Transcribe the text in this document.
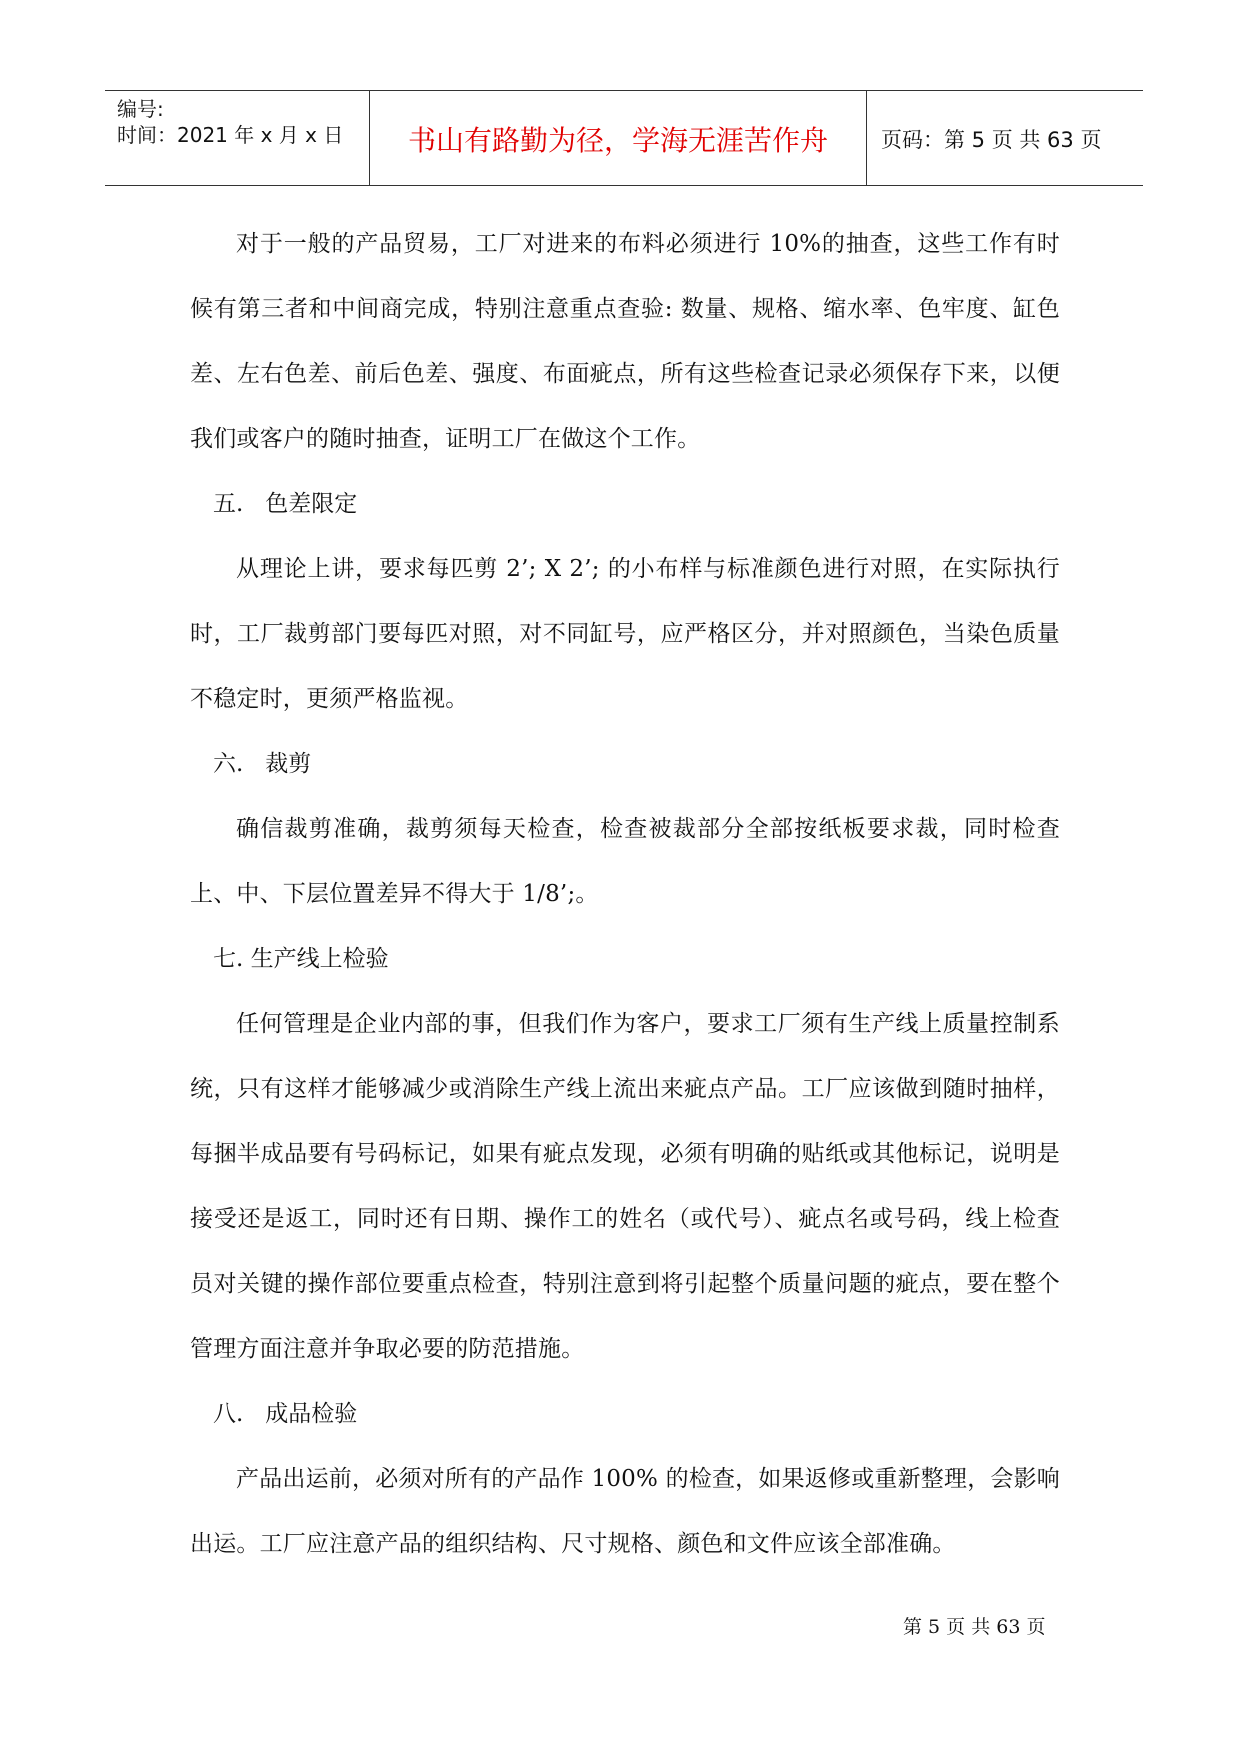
编号:
时间：2021 年 x 月 x 日	书山有路勤为径，学海无涯苦作舟	页码：第 5 页 共 63 页

对于一般的产品贸易，工厂对进来的布料必须进行 10%的抽查，这些工作有时候有第三者和中间商完成，特别注意重点查验: 数量、规格、缩水率、色牢度、缸色差、左右色差、前后色差、强度、布面疵点，所有这些检查记录必须保存下来，以便我们或客户的随时抽查，证明工厂在做这个工作。

五.   色差限定

从理论上讲，要求每匹剪 2’; X 2’; 的小布样与标准颜色进行对照，在实际执行时，工厂裁剪部门要每匹对照，对不同缸号，应严格区分，并对照颜色，当染色质量不稳定时，更须严格监视。

六.   裁剪

确信裁剪准确，裁剪须每天检查，检查被裁部分全部按纸板要求裁，同时检查上、中、下层位置差异不得大于 1/8’;。

七. 生产线上检验

任何管理是企业内部的事，但我们作为客户，要求工厂须有生产线上质量控制系统，只有这样才能够减少或消除生产线上流出来疵点产品。工厂应该做到随时抽样，每捆半成品要有号码标记，如果有疵点发现，必须有明确的贴纸或其他标记，说明是接受还是返工，同时还有日期、操作工的姓名（或代号）、疵点名或号码，线上检查员对关键的操作部位要重点检查，特别注意到将引起整个质量问题的疵点，要在整个管理方面注意并争取必要的防范措施。

八.   成品检验

产品出运前，必须对所有的产品作 100% 的检查，如果返修或重新整理，会影响出运。工厂应注意产品的组织结构、尺寸规格、颜色和文件应该全部准确。

第 5 页 共 63 页
